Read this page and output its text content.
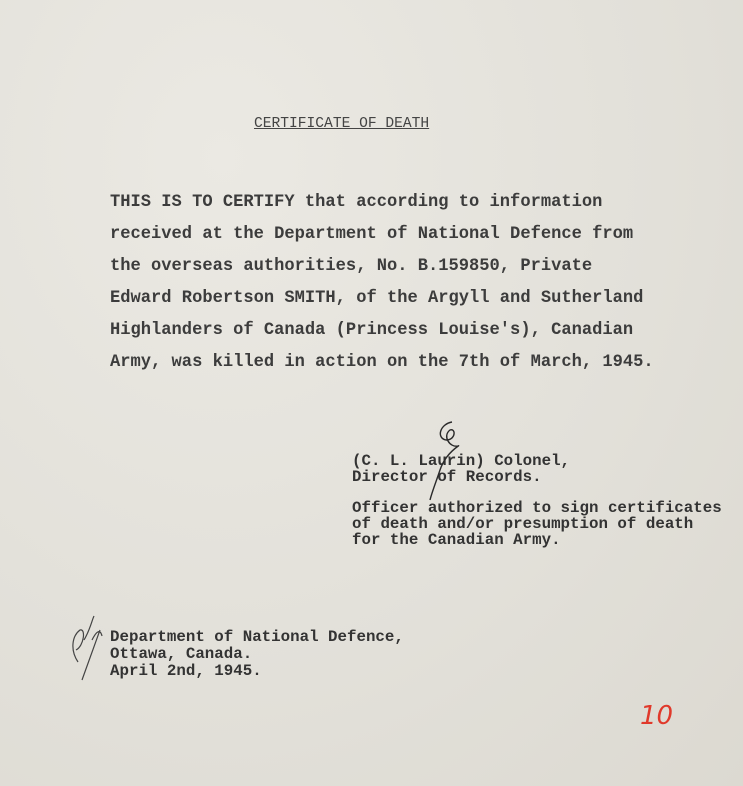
CERTIFICATE OF DEATH
THIS IS TO CERTIFY that according to information
received at the Department of National Defence from
the overseas authorities, No. B.159850, Private
Edward Robertson SMITH, of the Argyll and Sutherland
Highlanders of Canada (Princess Louise's), Canadian
Army, was killed in action on the 7th of March, 1945.
(C. L. Laurin) Colonel,
Director of Records.
Officer authorized to sign certificates
of death and/or presumption of death
for the Canadian Army.
Department of National Defence,
Ottawa, Canada.
April 2nd, 1945.
10
